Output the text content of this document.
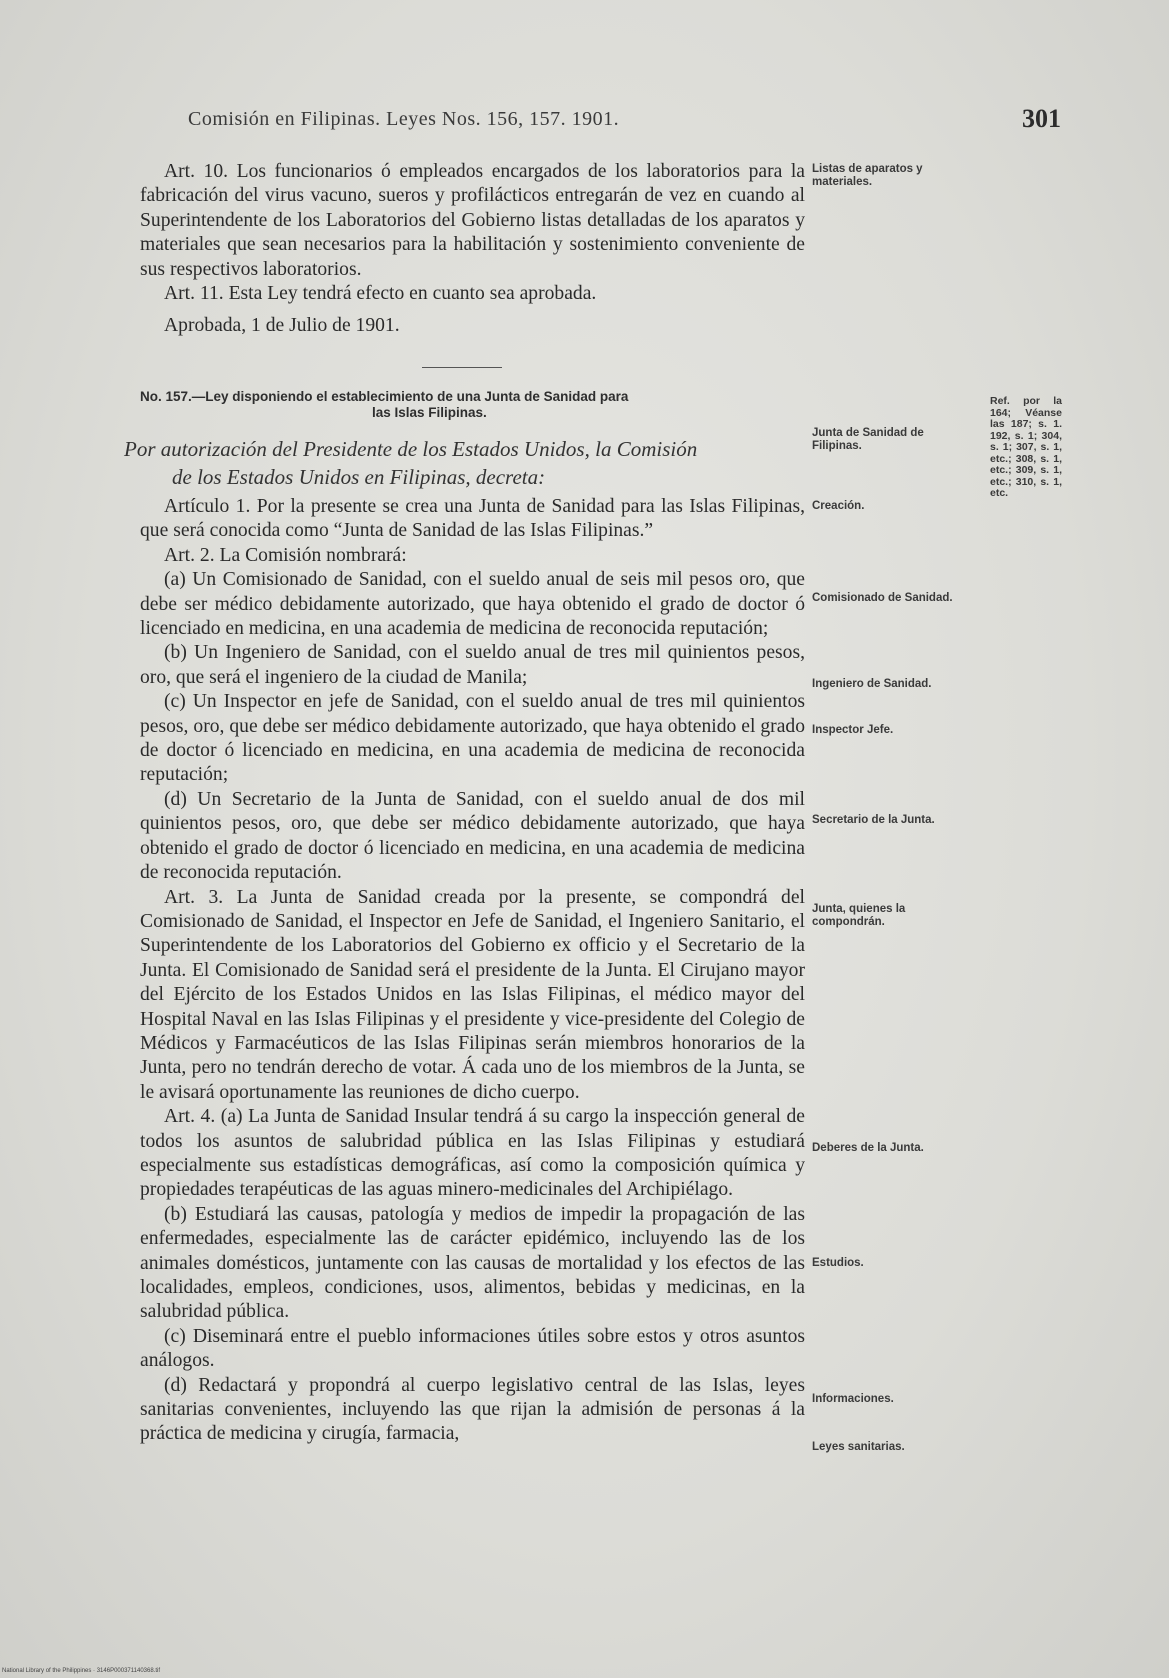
Comisión en Filipinas. Leyes Nos. 156, 157. 1901.	301

Art. 10. Los funcionarios ó empleados encargados de los laboratorios para la fabricación del virus vacuno, sueros y profilácticos entregarán de vez en cuando al Superintendente de los Laboratorios del Gobierno listas detalladas de los aparatos y materiales que sean necesarios para la habilitación y sostenimiento conveniente de sus respectivos laboratorios.

Art. 11. Esta Ley tendrá efecto en cuanto sea aprobada.

Aprobada, 1 de Julio de 1901.

No. 157.—Ley disponiendo el establecimiento de una Junta de Sanidad para
las Islas Filipinas.
Por autorización del Presidente de los Estados Unidos, la Comisión
de los Estados Unidos en Filipinas, decreta:

Artículo 1. Por la presente se crea una Junta de Sanidad para las Islas Filipinas, que será conocida como “Junta de Sanidad de las Islas Filipinas.”

Art. 2. La Comisión nombrará:

(a) Un Comisionado de Sanidad, con el sueldo anual de seis mil pesos oro, que debe ser médico debidamente autorizado, que haya obtenido el grado de doctor ó licenciado en medicina, en una academia de medicina de reconocida reputación;

(b) Un Ingeniero de Sanidad, con el sueldo anual de tres mil quinientos pesos, oro, que será el ingeniero de la ciudad de Manila;

(c) Un Inspector en jefe de Sanidad, con el sueldo anual de tres mil quinientos pesos, oro, que debe ser médico debidamente autorizado, que haya obtenido el grado de doctor ó licenciado en medicina, en una academia de medicina de reconocida reputación;

(d) Un Secretario de la Junta de Sanidad, con el sueldo anual de dos mil quinientos pesos, oro, que debe ser médico debidamente autorizado, que haya obtenido el grado de doctor ó licenciado en medicina, en una academia de medicina de reconocida reputación.

Art. 3. La Junta de Sanidad creada por la presente, se compondrá del Comisionado de Sanidad, el Inspector en Jefe de Sanidad, el Ingeniero Sanitario, el Superintendente de los Laboratorios del Gobierno ex officio y el Secretario de la Junta. El Comisionado de Sanidad será el presidente de la Junta. El Cirujano mayor del Ejército de los Estados Unidos en las Islas Filipinas, el médico mayor del Hospital Naval en las Islas Filipinas y el presidente y vice-presidente del Colegio de Médicos y Farmacéuticos de las Islas Filipinas serán miembros honorarios de la Junta, pero no tendrán derecho de votar. Á cada uno de los miembros de la Junta, se le avisará oportunamente las reuniones de dicho cuerpo.

Art. 4. (a) La Junta de Sanidad Insular tendrá á su cargo la inspección general de todos los asuntos de salubridad pública en las Islas Filipinas y estudiará especialmente sus estadísticas demográficas, así como la composición química y propiedades terapéuticas de las aguas minero-medicinales del Archipiélago.

(b) Estudiará las causas, patología y medios de impedir la propagación de las enfermedades, especialmente las de carácter epidémico, incluyendo las de los animales domésticos, juntamente con las causas de mortalidad y los efectos de las localidades, empleos, condiciones, usos, alimentos, bebidas y medicinas, en la salubridad pública.

(c) Diseminará entre el pueblo informaciones útiles sobre estos y otros asuntos análogos.

(d) Redactará y propondrá al cuerpo legislativo central de las Islas, leyes sanitarias convenientes, incluyendo las que rijan la admisión de personas á la práctica de medicina y cirugía, farmacia,

Listas de aparatos y materiales.
Junta de Sanidad de Filipinas.
Creación.
Comisionado de Sanidad.
Ingeniero de Sanidad.
Inspector Jefe.
Secretario de la Junta.
Junta, quienes la compondrán.
Deberes de la Junta.
Estudios.
Informaciones.
Leyes sanitarias.
Ref. por la 164; Véanse las 187; s. 1. 192, s. 1; 304, s. 1; 307, s. 1, etc.; 308, s. 1, etc.; 309, s. 1, etc.; 310, s. 1, etc.
National Library of the Philippines · 3146P000371140368.tif
